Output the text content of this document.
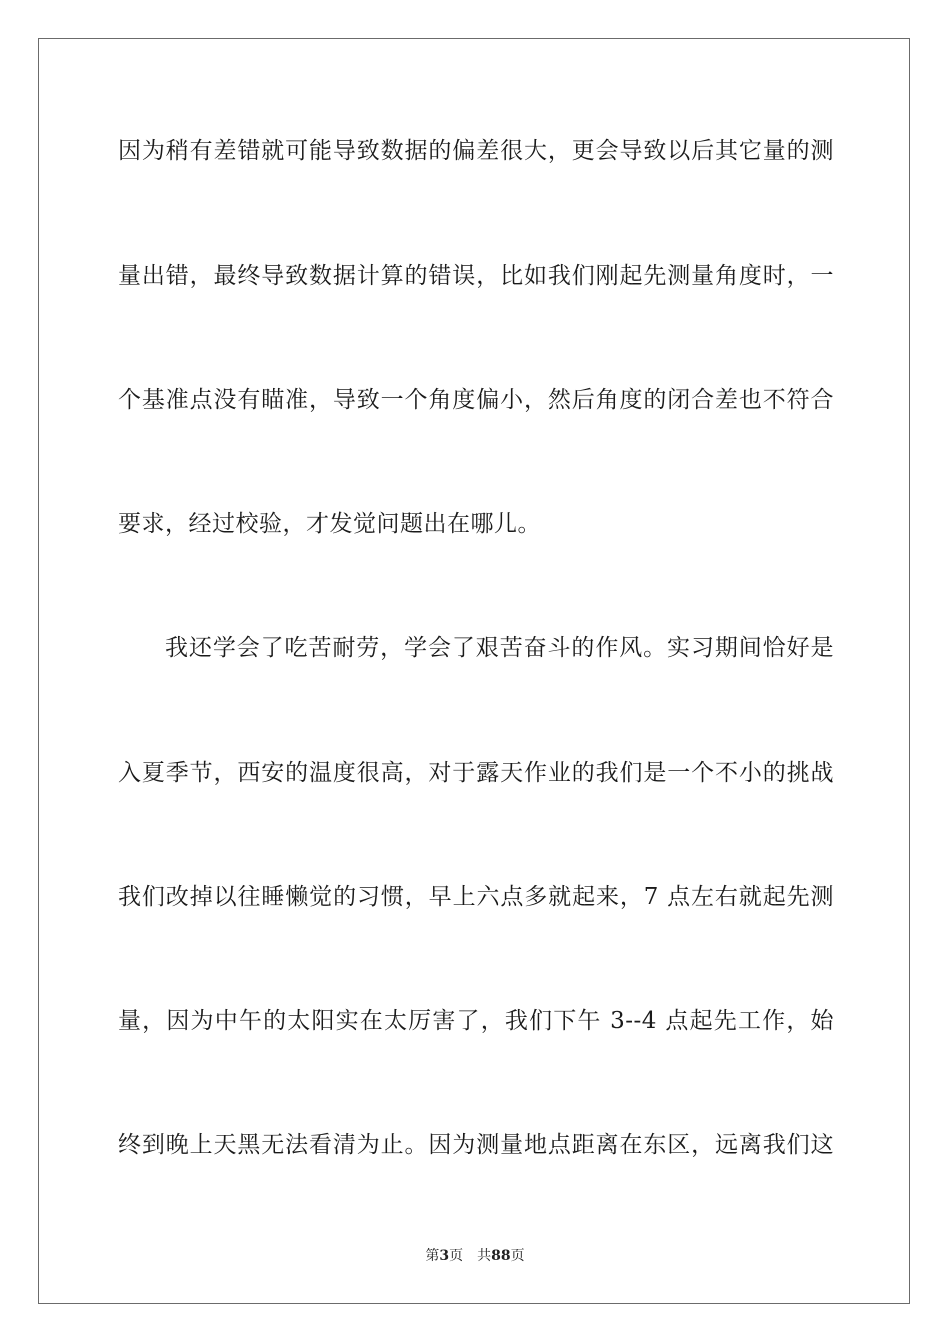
因为稍有差错就可能导致数据的偏差很大，更会导致以后其它量的测
量出错，最终导致数据计算的错误，比如我们刚起先测量角度时，一
个基准点没有瞄准，导致一个角度偏小，然后角度的闭合差也不符合
要求，经过校验，才发觉问题出在哪儿。
我还学会了吃苦耐劳，学会了艰苦奋斗的作风。实习期间恰好是
入夏季节，西安的温度很高，对于露天作业的我们是一个不小的挑战
我们改掉以往睡懒觉的习惯，早上六点多就起来，7 点左右就起先测
量，因为中午的太阳实在太厉害了，我们下午 3--4 点起先工作，始
终到晚上天黑无法看清为止。因为测量地点距离在东区，远离我们这
第3页 共88页
